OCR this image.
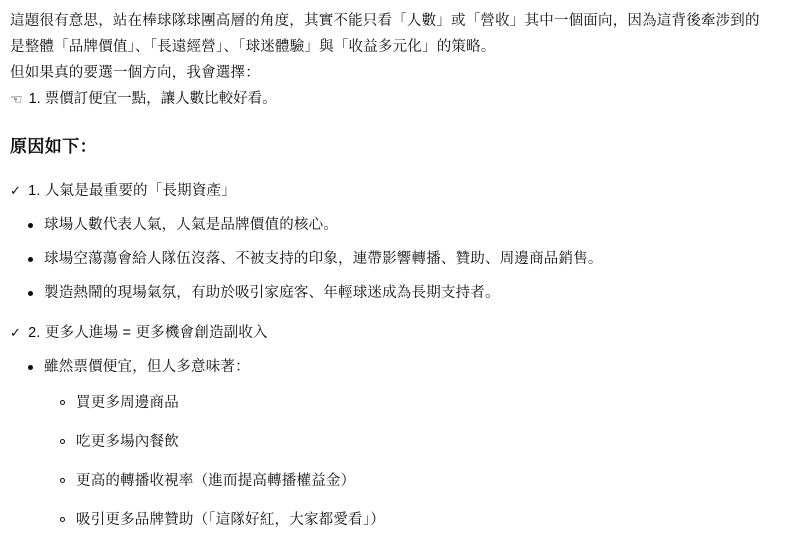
這題很有意思，站在棒球隊球團高層的角度，其實不能只看「人數」或「營收」其中一個面向，因為這背後牽涉到的是整體「品牌價值」、「長遠經營」、「球迷體驗」與「收益多元化」的策略。

但如果真的要選一個方向，我會選擇：

☜ 1. 票價訂便宜一點，讓人數比較好看。
原因如下：
✓ 1. 人氣是最重要的「長期資產」
球場人數代表人氣，人氣是品牌價值的核心。
球場空蕩蕩會給人隊伍沒落、不被支持的印象，連帶影響轉播、贊助、周邊商品銷售。
製造熱鬧的現場氣氛，有助於吸引家庭客、年輕球迷成為長期支持者。
✓ 2. 更多人進場 = 更多機會創造副收入
雖然票價便宜，但人多意味著：
買更多周邊商品
吃更多場內餐飲
更高的轉播收視率（進而提高轉播權益金）
吸引更多品牌贊助（「這隊好紅，大家都愛看」）
